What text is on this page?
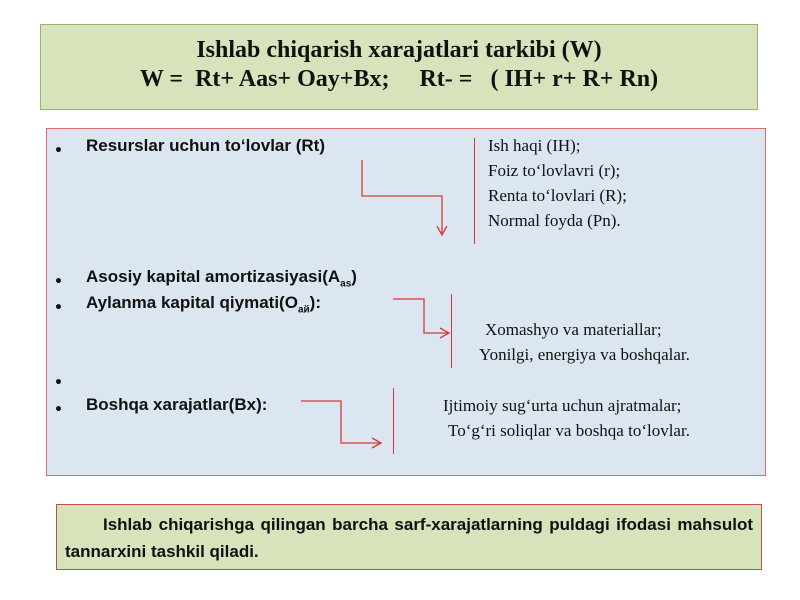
Ishlab chiqarish xarajatlari tarkibi (W)
W =  Rt+ Aas+ Oay+Bx;     Rt- =   ( IH+ r+ R+ Rn)
•
Resurslar uchun to‘lovlar (Rt)	Ish haqi (IH);
Foiz to‘lovlavri (r);
Renta to‘lovlari (R);
Normal foyda (Pn).
•
Asosiy kapital $amortizasiyasi(A_{as})$
•
Aylanma kapital $qiymati(O_{ай})$:
Xomashyo va materiallar;
Yonilgi, energiya va boshqalar.
•
•
Boshqa xarajatlar(Bx):	Ijtimoiy sug‘urta uchun ajratmalar;
To‘g‘ri soliqlar va boshqa to‘lovlar.
Ishlab chiqarishga qilingan barcha sarf-xarajatlarning puldagi ifodasi mahsulot tannarxini tashkil qiladi.
